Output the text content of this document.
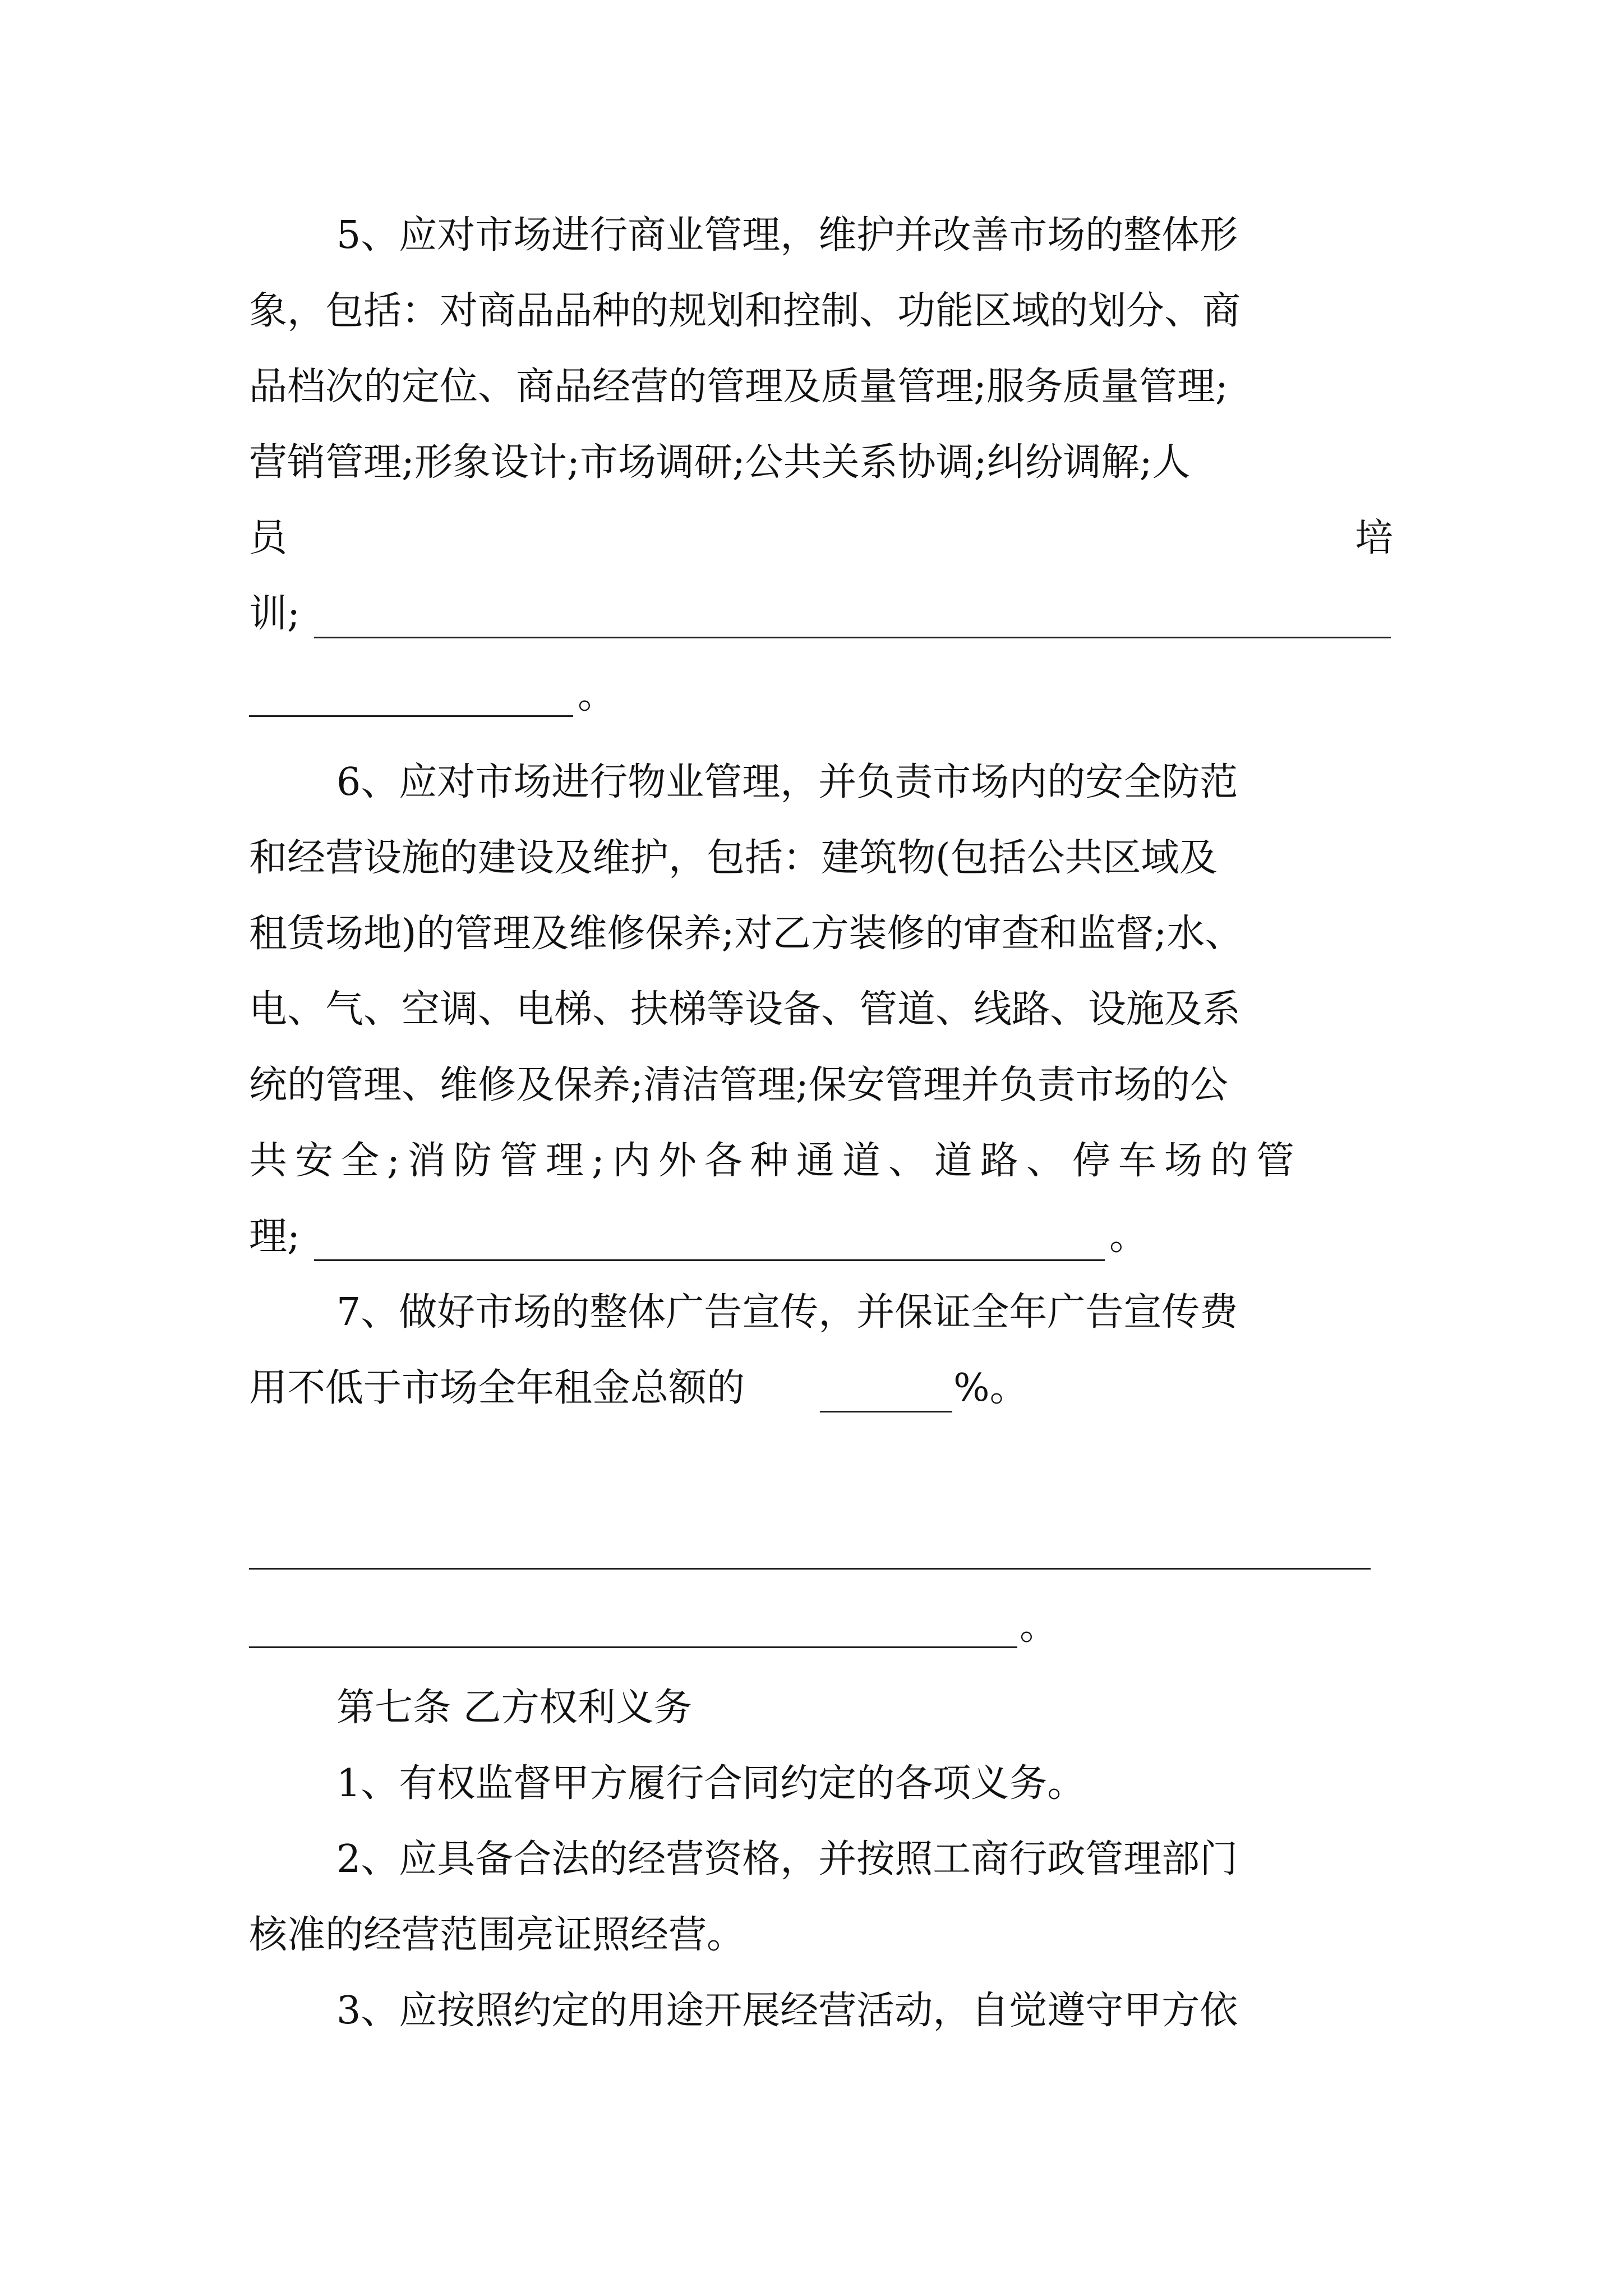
5、应对市场进行商业管理，维护并改善市场的整体形
象，包括：对商品品种的规划和控制、功能区域的划分、商
品档次的定位、商品经营的管理及质量管理;服务质量管理;
营销管理;形象设计;市场调研;公共关系协调;纠纷调解;人
员	培
训;
。
6、应对市场进行物业管理，并负责市场内的安全防范
和经营设施的建设及维护，包括：建筑物(包括公共区域及
租赁场地)的管理及维修保养;对乙方装修的审查和监督;水、
电、气、空调、电梯、扶梯等设备、管道、线路、设施及系
统的管理、维修及保养;清洁管理;保安管理并负责市场的公
共安全;消防管理;内外各种通道、道路、停车场的管
理;	。
7、做好市场的整体广告宣传，并保证全年广告宣传费
用不低于市场全年租金总额的	%。
。
第七条 乙方权利义务
1、有权监督甲方履行合同约定的各项义务。
2、应具备合法的经营资格，并按照工商行政管理部门
核准的经营范围亮证照经营。
3、应按照约定的用途开展经营活动，自觉遵守甲方依
